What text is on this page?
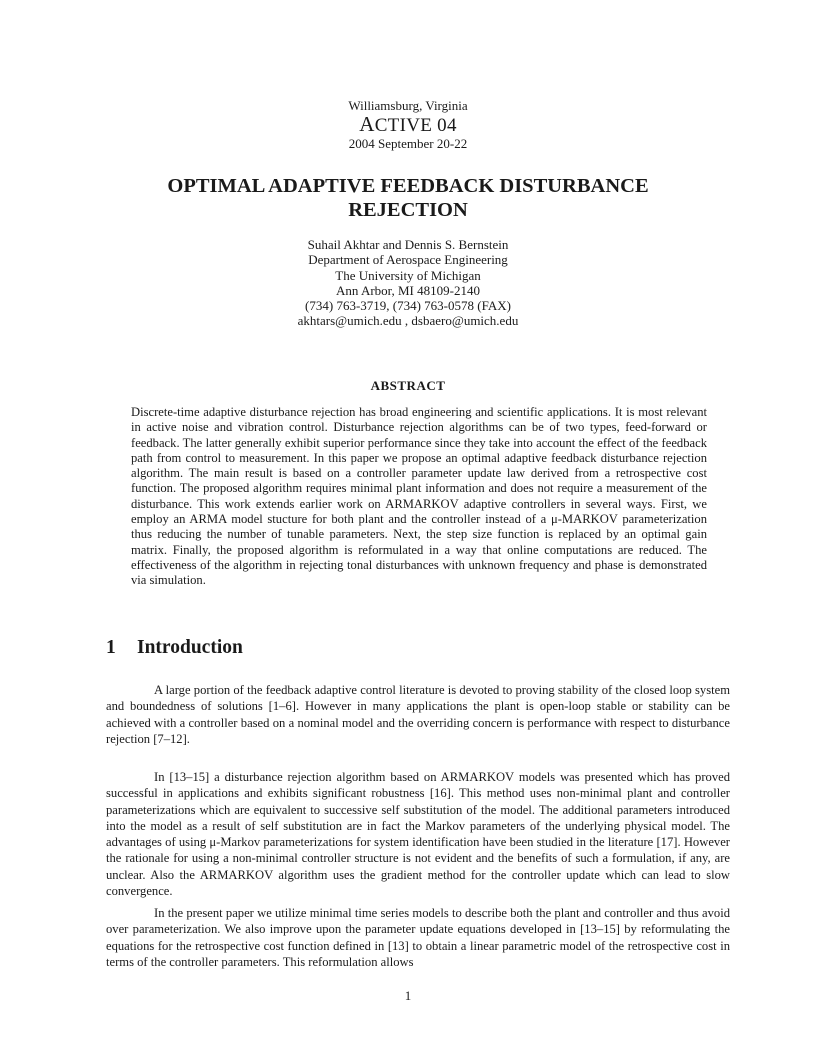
Williamsburg, Virginia
ACTIVE 04
2004 September 20-22
OPTIMAL ADAPTIVE FEEDBACK DISTURBANCE
REJECTION
Suhail Akhtar and Dennis S. Bernstein
Department of Aerospace Engineering
The University of Michigan
Ann Arbor, MI 48109-2140
(734) 763-3719, (734) 763-0578 (FAX)
akhtars@umich.edu , dsbaero@umich.edu
ABSTRACT

Discrete-time adaptive disturbance rejection has broad engineering and scientific applications. It is most relevant in active noise and vibration control. Disturbance rejection algorithms can be of two types, feed-forward or feedback. The latter generally exhibit superior performance since they take into account the effect of the feedback path from control to measurement. In this paper we propose an optimal adaptive feedback disturbance rejection algorithm. The main result is based on a controller parameter update law derived from a retrospective cost function. The proposed algorithm requires minimal plant information and does not require a measurement of the disturbance. This work extends earlier work on ARMARKOV adaptive controllers in several ways. First, we employ an ARMA model stucture for both plant and the controller instead of a μ-MARKOV parameterization thus reducing the number of tunable parameters. Next, the step size function is replaced by an optimal gain matrix. Finally, the proposed algorithm is reformulated in a way that online computations are reduced. The effectiveness of the algorithm in rejecting tonal disturbances with unknown frequency and phase is demonstrated via simulation.

1 Introduction

A large portion of the feedback adaptive control literature is devoted to proving stability of the closed loop system and boundedness of solutions [1–6]. However in many applications the plant is open-loop stable or stability can be achieved with a controller based on a nominal model and the overriding concern is performance with respect to disturbance rejection [7–12].

In [13–15] a disturbance rejection algorithm based on ARMARKOV models was presented which has proved successful in applications and exhibits significant robustness [16]. This method uses non-minimal plant and controller parameterizations which are equivalent to successive self substitution of the model. The additional parameters introduced into the model as a result of self substitution are in fact the Markov parameters of the underlying physical model. The advantages of using μ-Markov parameterizations for system identification have been studied in the literature [17]. However the rationale for using a non-minimal controller structure is not evident and the benefits of such a formulation, if any, are unclear. Also the ARMARKOV algorithm uses the gradient method for the controller update which can lead to slow convergence.

In the present paper we utilize minimal time series models to describe both the plant and controller and thus avoid over parameterization. We also improve upon the parameter update equations developed in [13–15] by reformulating the equations for the retrospective cost function defined in [13] to obtain a linear parametric model of the retrospective cost in terms of the controller parameters. This reformulation allows

1
